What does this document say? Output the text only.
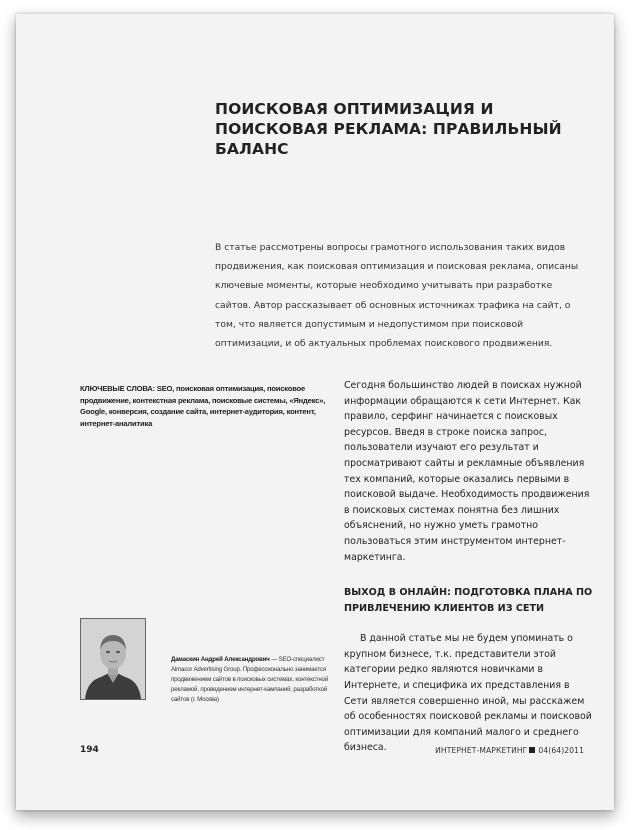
ПОИСКОВАЯ ОПТИМИЗАЦИЯ И ПОИСКОВАЯ РЕКЛАМА: ПРАВИЛЬНЫЙ БАЛАНС
В статье рассмотрены вопросы грамотного использования таких видов продвижения, как поисковая оптимизация и поисковая реклама, описаны ключевые моменты, которые необходимо учитывать при разработке сайтов. Автор рассказывает об основных источниках трафика на сайт, о том, что является допустимым и недопустимом при поисковой оптимизации, и об актуальных проблемах поискового продвижения.
КЛЮЧЕВЫЕ СЛОВА: SEO, поисковая оптимизация, поисковое продвижение, контекстная реклама, поисковые системы, «Яндекс», Google, конверсия, создание сайта, интернет-аудитория, контент, интернет-аналитика

Сегодня большинство людей в поисках нужной информации обращаются к сети Интернет. Как правило, серфинг начинается с поисковых ресурсов. Введя в строке поиска запрос, пользователи изучают его результат и просматривают сайты и рекламные объявления тех компаний, которые оказались первыми в поисковой выдаче. Необходимость продвижения в поисковых системах понятна без лишних объяснений, но нужно уметь грамотно пользоваться этим инструментом интернет-маркетинга.

ВЫХОД В ОНЛАЙН: ПОДГОТОВКА ПЛАНА ПО ПРИВЛЕЧЕНИЮ КЛИЕНТОВ ИЗ СЕТИ

В данной статье мы не будем упоминать о крупном бизнесе, т.к. представители этой категории редко являются новичками в Интернете, и специфика их представления в Сети является совершенно иной, мы расскажем об особенностях поисковой рекламы и поисковой оптимизации для компаний малого и среднего бизнеса.

Дамаскин Андрей Александрович — SEO-специалист Almacor Advertising Group. Профессионально занимается продвижением сайтов в поисковых системах, контекстной рекламой, проведением интернет-кампаний, разработкой сайтов (г. Москва)
194	ИНТЕРНЕТ-МАРКЕТИНГ 04(64)2011
